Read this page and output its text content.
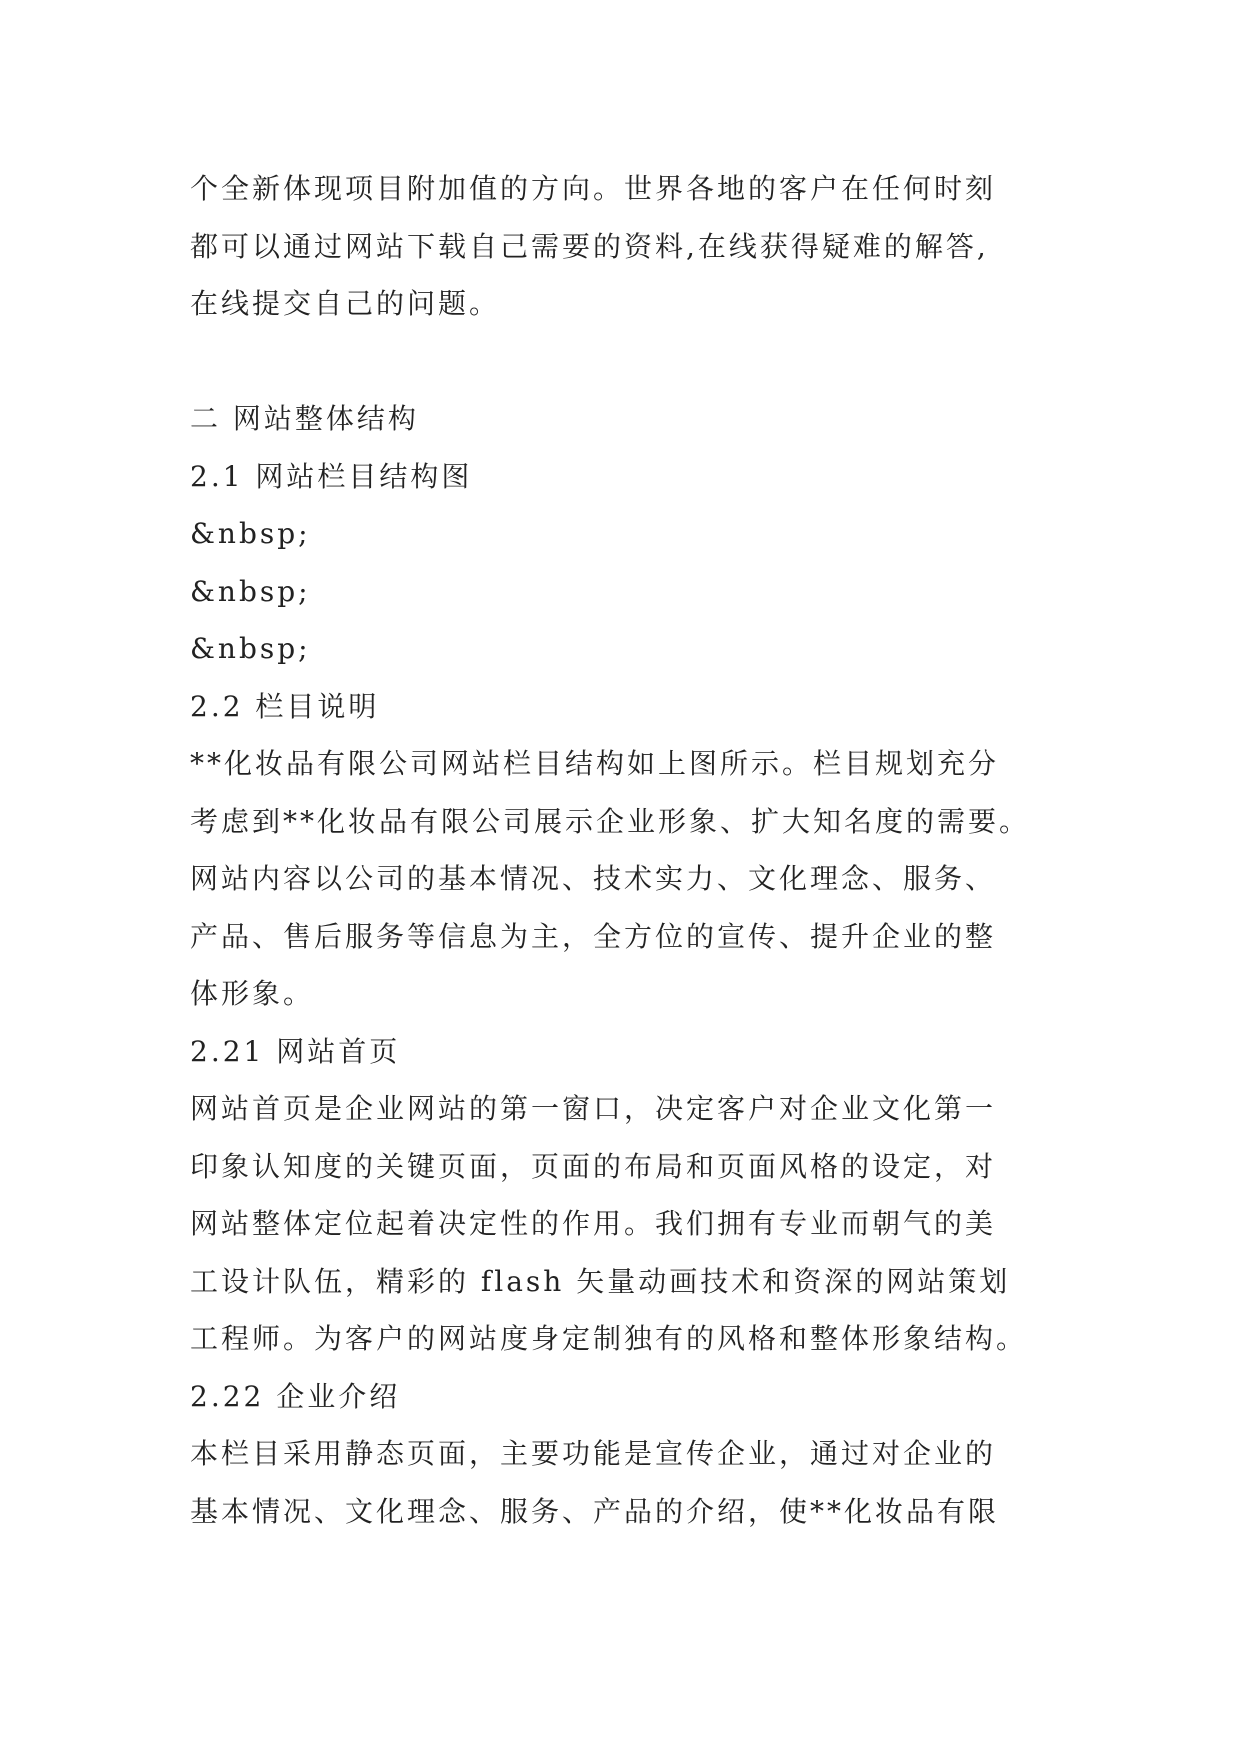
个全新体现项目附加值的方向。世界各地的客户在任何时刻
都可以通过网站下载自己需要的资料,在线获得疑难的解答,
在线提交自己的问题。
二 网站整体结构
2.1 网站栏目结构图
&nbsp;
&nbsp;
&nbsp;
2.2 栏目说明
**化妆品有限公司网站栏目结构如上图所示。栏目规划充分
考虑到**化妆品有限公司展示企业形象、扩大知名度的需要。
网站内容以公司的基本情况、技术实力、文化理念、服务、
产品、售后服务等信息为主，全方位的宣传、提升企业的整
体形象。
2.21 网站首页
网站首页是企业网站的第一窗口，决定客户对企业文化第一
印象认知度的关键页面，页面的布局和页面风格的设定，对
网站整体定位起着决定性的作用。我们拥有专业而朝气的美
工设计队伍，精彩的 flash 矢量动画技术和资深的网站策划
工程师。为客户的网站度身定制独有的风格和整体形象结构。
2.22 企业介绍
本栏目采用静态页面，主要功能是宣传企业，通过对企业的
基本情况、文化理念、服务、产品的介绍，使**化妆品有限
